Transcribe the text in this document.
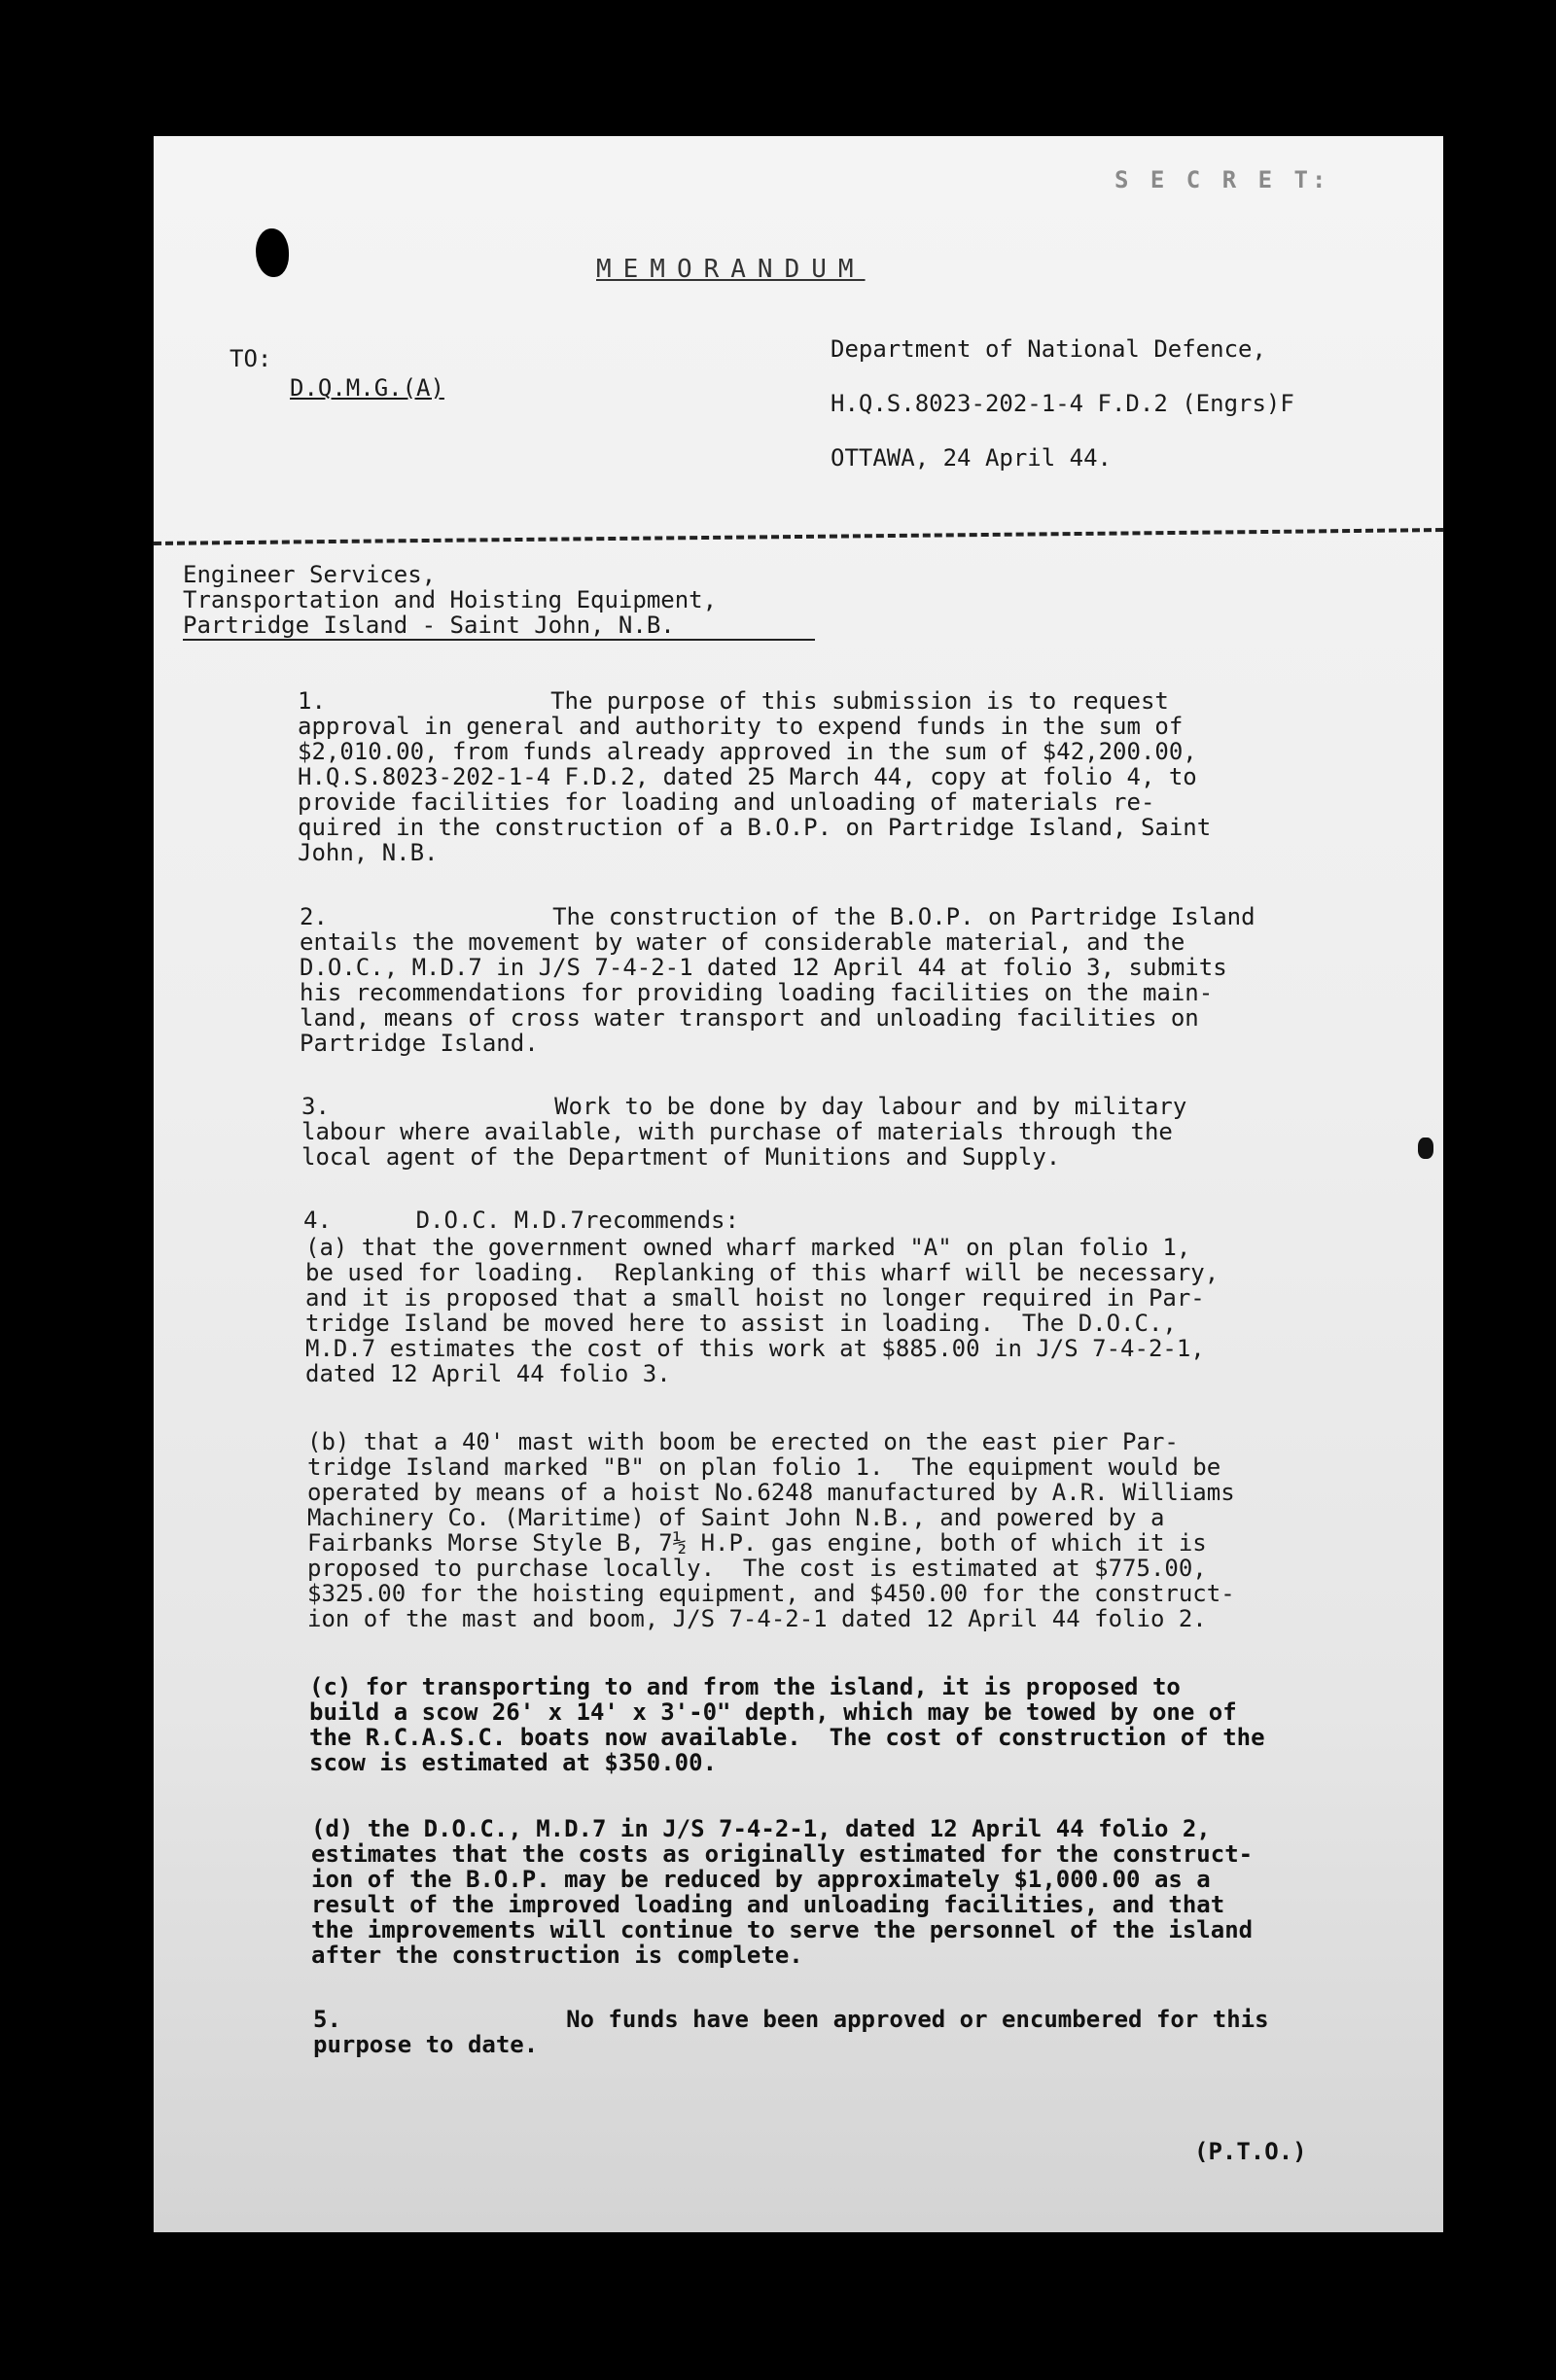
S E C R E T:

MEMORANDUM

TO:

D.Q.M.G.(A)

Department of National Defence,

H.Q.S.8023-202-1-4 F.D.2 (Engrs)F

OTTAWA, 24 April 44.

Engineer Services,

Transportation and Hoisting Equipment,

Partridge Island - Saint John, N.B.

1.                The purpose of this submission is to request

approval in general and authority to expend funds in the sum of

$2,010.00, from funds already approved in the sum of $42,200.00,

H.Q.S.8023-202-1-4 F.D.2, dated 25 March 44, copy at folio 4, to

provide facilities for loading and unloading of materials re-

quired in the construction of a B.O.P. on Partridge Island, Saint

John, N.B.

2.                The construction of the B.O.P. on Partridge Island

entails the movement by water of considerable material, and the

D.O.C., M.D.7 in J/S 7-4-2-1 dated 12 April 44 at folio 3, submits

his recommendations for providing loading facilities on the main-

land, means of cross water transport and unloading facilities on

Partridge Island.

3.                Work to be done by day labour and by military

labour where available, with purchase of materials through the

local agent of the Department of Munitions and Supply.

4.      D.O.C. M.D.7recommends:

(a) that the government owned wharf marked "A" on plan folio 1,

be used for loading.  Replanking of this wharf will be necessary,

and it is proposed that a small hoist no longer required in Par-

tridge Island be moved here to assist in loading.  The D.O.C.,

M.D.7 estimates the cost of this work at $885.00 in J/S 7-4-2-1,

dated 12 April 44 folio 3.

(b) that a 40' mast with boom be erected on the east pier Par-

tridge Island marked "B" on plan folio 1.  The equipment would be

operated by means of a hoist No.6248 manufactured by A.R. Williams

Machinery Co. (Maritime) of Saint John N.B., and powered by a

Fairbanks Morse Style B, 7½ H.P. gas engine, both of which it is

proposed to purchase locally.  The cost is estimated at $775.00,

$325.00 for the hoisting equipment, and $450.00 for the construct-

ion of the mast and boom, J/S 7-4-2-1 dated 12 April 44 folio 2.

(c) for transporting to and from the island, it is proposed to

build a scow 26' x 14' x 3'-0" depth, which may be towed by one of

the R.C.A.S.C. boats now available.  The cost of construction of the

scow is estimated at $350.00.

(d) the D.O.C., M.D.7 in J/S 7-4-2-1, dated 12 April 44 folio 2,

estimates that the costs as originally estimated for the construct-

ion of the B.O.P. may be reduced by approximately $1,000.00 as a

result of the improved loading and unloading facilities, and that

the improvements will continue to serve the personnel of the island

after the construction is complete.

5.                No funds have been approved or encumbered for this

purpose to date.

(P.T.O.)
